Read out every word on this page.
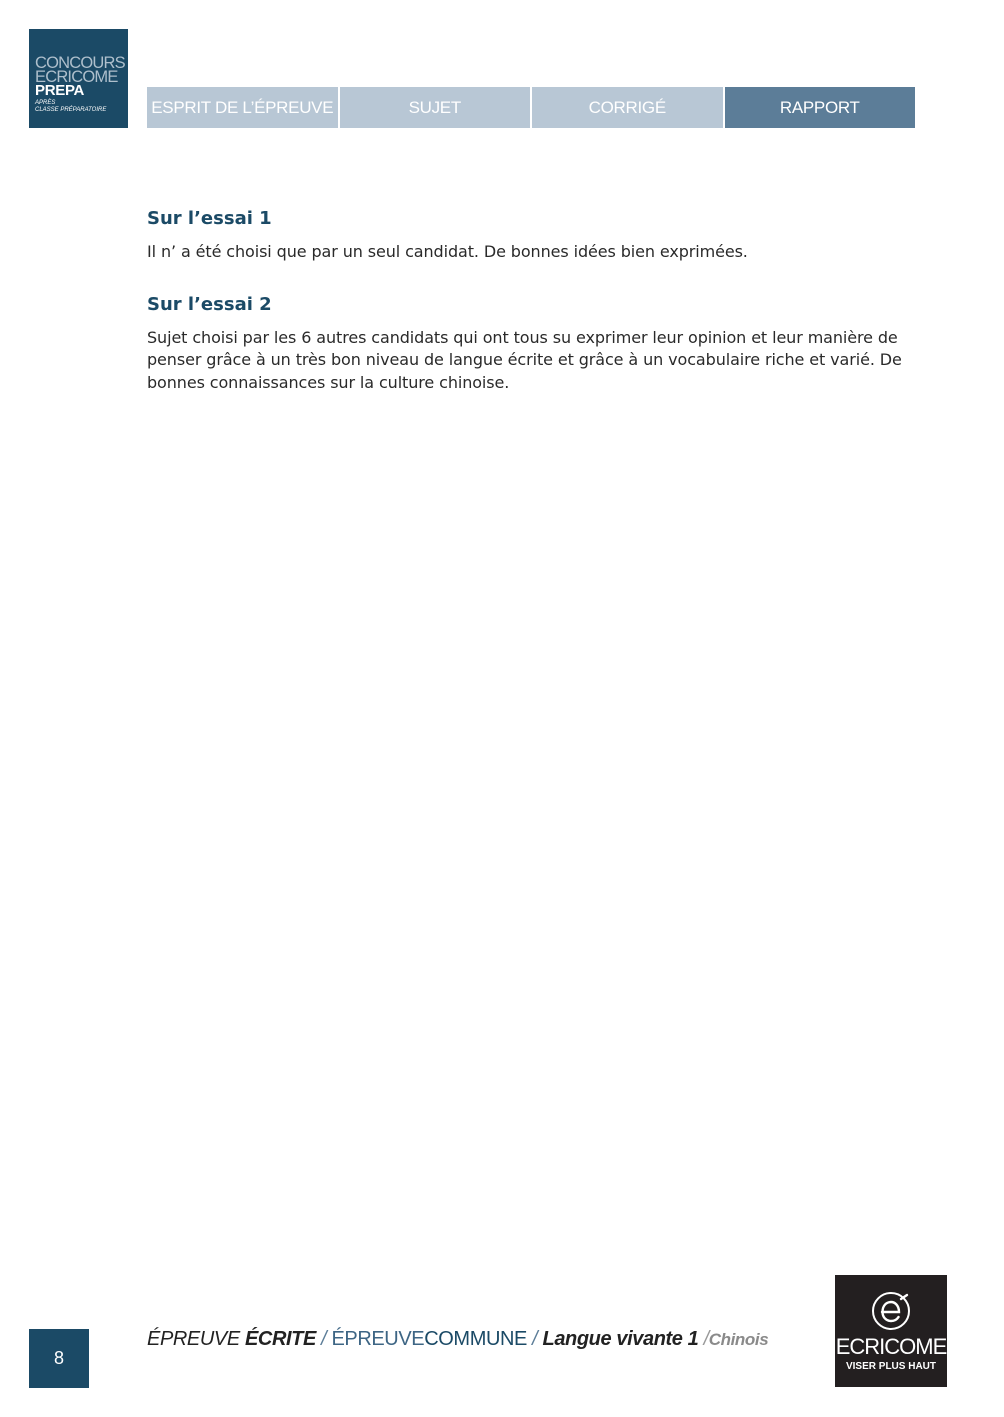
CONCOURS
ECRICOME
PREPA
APRÈS
CLASSE PRÉPARATOIRE	ESPRIT DE L’ÉPREUVE	SUJET	CORRIGÉ	RAPPORT
Sur l’essai 1

Il n’ a été choisi que par un seul candidat. De bonnes idées bien exprimées.

Sur l’essai 2

Sujet choisi par les 6 autres candidats qui ont tous su exprimer leur opinion et leur manière de penser grâce à un très bon niveau de langue écrite et grâce à un vocabulaire riche et varié. De bonnes connaissances sur la culture chinoise.

8
ÉPREUVE ÉCRITE / ÉPREUVECOMMUNE / Langue vivante 1 /Chinois	ECRICOME
VISER PLUS HAUT
